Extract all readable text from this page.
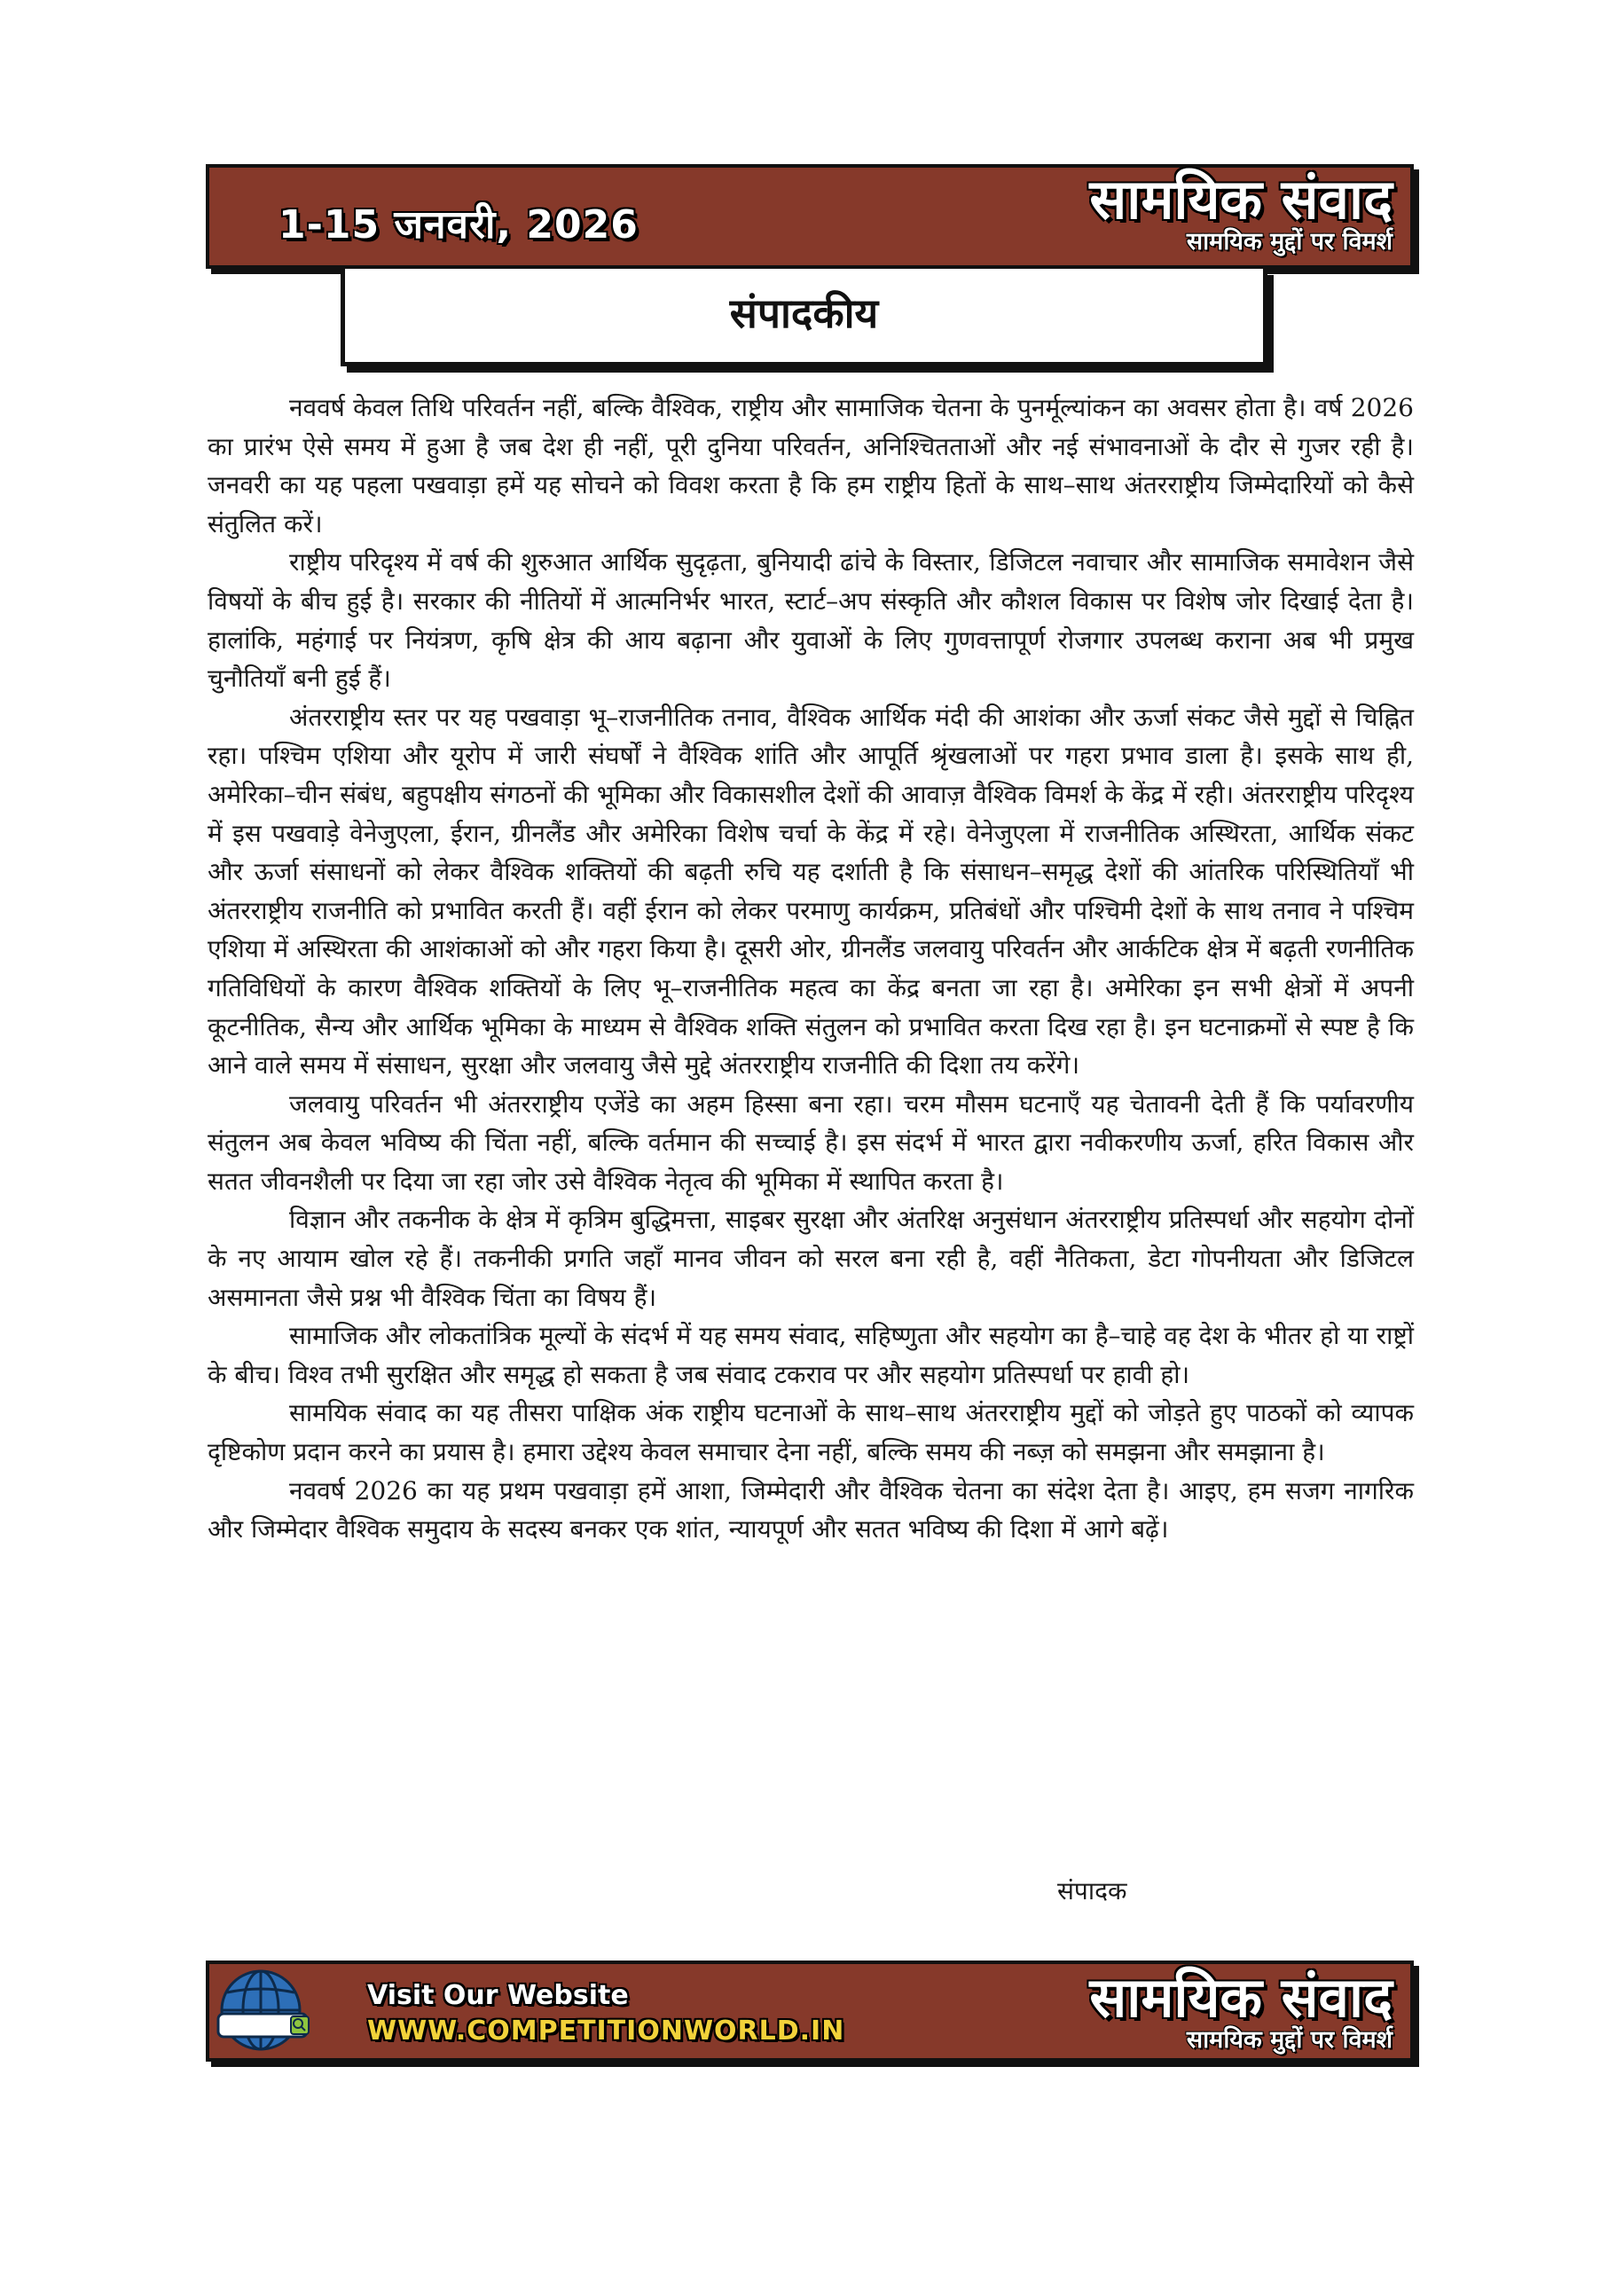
1-15 जनवरी, 2026	सामयिक संवाद
सामयिक मुद्दों पर विमर्श
संपादकीय

नववर्ष केवल तिथि परिवर्तन नहीं, बल्कि वैश्विक, राष्ट्रीय और सामाजिक चेतना के पुनर्मूल्यांकन का अवसर होता है। वर्ष 2026 का प्रारंभ ऐसे समय में हुआ है जब देश ही नहीं, पूरी दुनिया परिवर्तन, अनिश्चितताओं और नई संभावनाओं के दौर से गुजर रही है। जनवरी का यह पहला पखवाड़ा हमें यह सोचने को विवश करता है कि हम राष्ट्रीय हितों के साथ–साथ अंतरराष्ट्रीय जिम्मेदारियों को कैसे संतुलित करें।

राष्ट्रीय परिदृश्य में वर्ष की शुरुआत आर्थिक सुदृढ़ता, बुनियादी ढांचे के विस्तार, डिजिटल नवाचार और सामाजिक समावेशन जैसे विषयों के बीच हुई है। सरकार की नीतियों में आत्मनिर्भर भारत, स्टार्ट–अप संस्कृति और कौशल विकास पर विशेष जोर दिखाई देता है। हालांकि, महंगाई पर नियंत्रण, कृषि क्षेत्र की आय बढ़ाना और युवाओं के लिए गुणवत्तापूर्ण रोजगार उपलब्ध कराना अब भी प्रमुख चुनौतियाँ बनी हुई हैं।

अंतरराष्ट्रीय स्तर पर यह पखवाड़ा भू–राजनीतिक तनाव, वैश्विक आर्थिक मंदी की आशंका और ऊर्जा संकट जैसे मुद्दों से चिह्नित रहा। पश्चिम एशिया और यूरोप में जारी संघर्षों ने वैश्विक शांति और आपूर्ति श्रृंखलाओं पर गहरा प्रभाव डाला है। इसके साथ ही, अमेरिका–चीन संबंध, बहुपक्षीय संगठनों की भूमिका और विकासशील देशों की आवाज़ वैश्विक विमर्श के केंद्र में रही। अंतरराष्ट्रीय परिदृश्य में इस पखवाड़े वेनेजुएला, ईरान, ग्रीनलैंड और अमेरिका विशेष चर्चा के केंद्र में रहे। वेनेजुएला में राजनीतिक अस्थिरता, आर्थिक संकट और ऊर्जा संसाधनों को लेकर वैश्विक शक्तियों की बढ़ती रुचि यह दर्शाती है कि संसाधन–समृद्ध देशों की आंतरिक परिस्थितियाँ भी अंतरराष्ट्रीय राजनीति को प्रभावित करती हैं। वहीं ईरान को लेकर परमाणु कार्यक्रम, प्रतिबंधों और पश्चिमी देशों के साथ तनाव ने पश्चिम एशिया में अस्थिरता की आशंकाओं को और गहरा किया है। दूसरी ओर, ग्रीनलैंड जलवायु परिवर्तन और आर्कटिक क्षेत्र में बढ़ती रणनीतिक गतिविधियों के कारण वैश्विक शक्तियों के लिए भू–राजनीतिक महत्व का केंद्र बनता जा रहा है। अमेरिका इन सभी क्षेत्रों में अपनी कूटनीतिक, सैन्य और आर्थिक भूमिका के माध्यम से वैश्विक शक्ति संतुलन को प्रभावित करता दिख रहा है। इन घटनाक्रमों से स्पष्ट है कि आने वाले समय में संसाधन, सुरक्षा और जलवायु जैसे मुद्दे अंतरराष्ट्रीय राजनीति की दिशा तय करेंगे।

जलवायु परिवर्तन भी अंतरराष्ट्रीय एजेंडे का अहम हिस्सा बना रहा। चरम मौसम घटनाएँ यह चेतावनी देती हैं कि पर्यावरणीय संतुलन अब केवल भविष्य की चिंता नहीं, बल्कि वर्तमान की सच्चाई है। इस संदर्भ में भारत द्वारा नवीकरणीय ऊर्जा, हरित विकास और सतत जीवनशैली पर दिया जा रहा जोर उसे वैश्विक नेतृत्व की भूमिका में स्थापित करता है।

विज्ञान और तकनीक के क्षेत्र में कृत्रिम बुद्धिमत्ता, साइबर सुरक्षा और अंतरिक्ष अनुसंधान अंतरराष्ट्रीय प्रतिस्पर्धा और सहयोग दोनों के नए आयाम खोल रहे हैं। तकनीकी प्रगति जहाँ मानव जीवन को सरल बना रही है, वहीं नैतिकता, डेटा गोपनीयता और डिजिटल असमानता जैसे प्रश्न भी वैश्विक चिंता का विषय हैं।

सामाजिक और लोकतांत्रिक मूल्यों के संदर्भ में यह समय संवाद, सहिष्णुता और सहयोग का है–चाहे वह देश के भीतर हो या राष्ट्रों के बीच। विश्व तभी सुरक्षित और समृद्ध हो सकता है जब संवाद टकराव पर और सहयोग प्रतिस्पर्धा पर हावी हो।

सामयिक संवाद का यह तीसरा पाक्षिक अंक राष्ट्रीय घटनाओं के साथ–साथ अंतरराष्ट्रीय मुद्दों को जोड़ते हुए पाठकों को व्यापक दृष्टिकोण प्रदान करने का प्रयास है। हमारा उद्देश्य केवल समाचार देना नहीं, बल्कि समय की नब्ज़ को समझना और समझाना है।

नववर्ष 2026 का यह प्रथम पखवाड़ा हमें आशा, जिम्मेदारी और वैश्विक चेतना का संदेश देता है। आइए, हम सजग नागरिक और जिम्मेदार वैश्विक समुदाय के सदस्य बनकर एक शांत, न्यायपूर्ण और सतत भविष्य की दिशा में आगे बढ़ें।

संपादक
Visit Our Website
WWW.COMPETITIONWORLD.IN
सामयिक संवाद
सामयिक मुद्दों पर विमर्श
